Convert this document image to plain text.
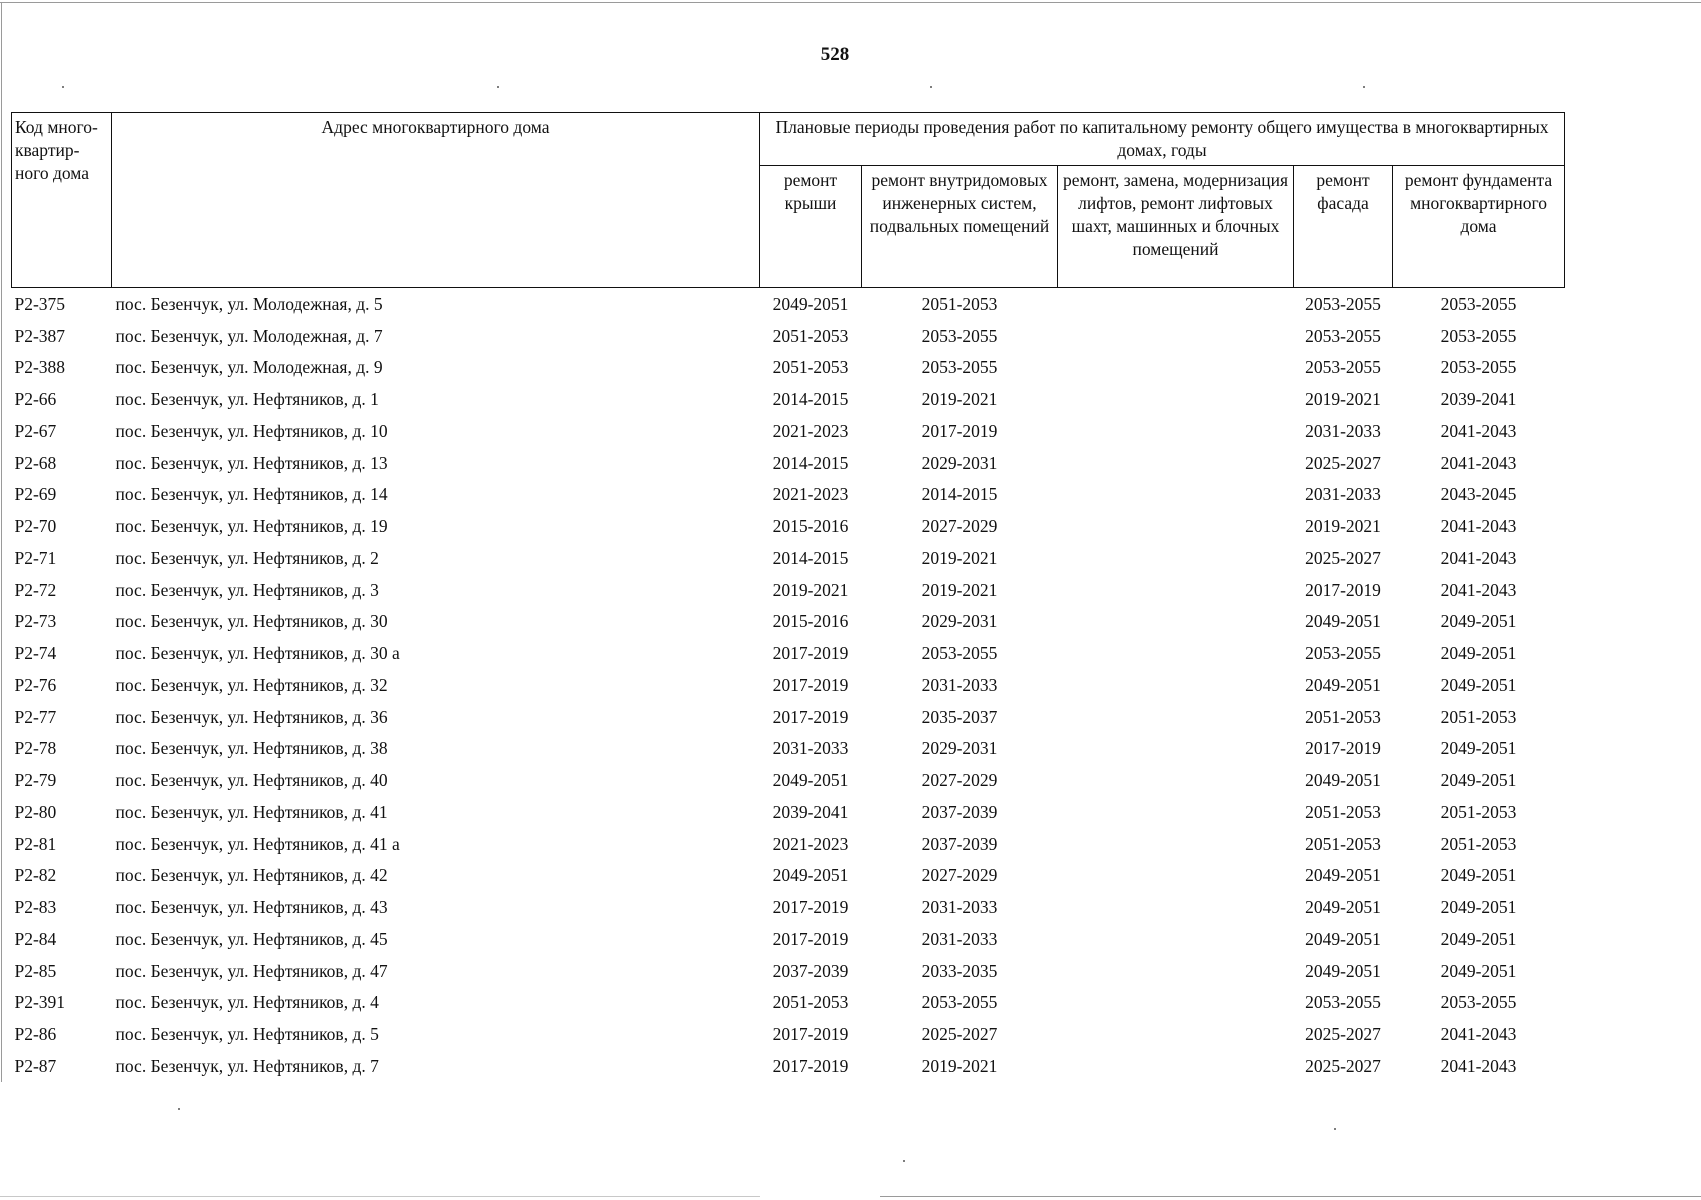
528
Код много-квартир-ного дома	Адрес многоквартирного дома	Плановые периоды проведения работ по капитальному ремонту общего имущества в многоквартирных домах, годы				
		ремонт крыши	ремонт внутридомовых инженерных систем, подвальных помещений	ремонт, замена, модернизация лифтов, ремонт лифтовых шахт, машинных и блочных помещений	ремонт фасада	ремонт фундамента многоквартирного дома
Р2-375	пос. Безенчук, ул. Молодежная, д. 5	2049-2051	2051-2053		2053-2055	2053-2055
Р2-387	пос. Безенчук, ул. Молодежная, д. 7	2051-2053	2053-2055		2053-2055	2053-2055
Р2-388	пос. Безенчук, ул. Молодежная, д. 9	2051-2053	2053-2055		2053-2055	2053-2055
Р2-66	пос. Безенчук, ул. Нефтяников, д. 1	2014-2015	2019-2021		2019-2021	2039-2041
Р2-67	пос. Безенчук, ул. Нефтяников, д. 10	2021-2023	2017-2019		2031-2033	2041-2043
Р2-68	пос. Безенчук, ул. Нефтяников, д. 13	2014-2015	2029-2031		2025-2027	2041-2043
Р2-69	пос. Безенчук, ул. Нефтяников, д. 14	2021-2023	2014-2015		2031-2033	2043-2045
Р2-70	пос. Безенчук, ул. Нефтяников, д. 19	2015-2016	2027-2029		2019-2021	2041-2043
Р2-71	пос. Безенчук, ул. Нефтяников, д. 2	2014-2015	2019-2021		2025-2027	2041-2043
Р2-72	пос. Безенчук, ул. Нефтяников, д. 3	2019-2021	2019-2021		2017-2019	2041-2043
Р2-73	пос. Безенчук, ул. Нефтяников, д. 30	2015-2016	2029-2031		2049-2051	2049-2051
Р2-74	пос. Безенчук, ул. Нефтяников, д. 30 а	2017-2019	2053-2055		2053-2055	2049-2051
Р2-76	пос. Безенчук, ул. Нефтяников, д. 32	2017-2019	2031-2033		2049-2051	2049-2051
Р2-77	пос. Безенчук, ул. Нефтяников, д. 36	2017-2019	2035-2037		2051-2053	2051-2053
Р2-78	пос. Безенчук, ул. Нефтяников, д. 38	2031-2033	2029-2031		2017-2019	2049-2051
Р2-79	пос. Безенчук, ул. Нефтяников, д. 40	2049-2051	2027-2029		2049-2051	2049-2051
Р2-80	пос. Безенчук, ул. Нефтяников, д. 41	2039-2041	2037-2039		2051-2053	2051-2053
Р2-81	пос. Безенчук, ул. Нефтяников, д. 41 а	2021-2023	2037-2039		2051-2053	2051-2053
Р2-82	пос. Безенчук, ул. Нефтяников, д. 42	2049-2051	2027-2029		2049-2051	2049-2051
Р2-83	пос. Безенчук, ул. Нефтяников, д. 43	2017-2019	2031-2033		2049-2051	2049-2051
Р2-84	пос. Безенчук, ул. Нефтяников, д. 45	2017-2019	2031-2033		2049-2051	2049-2051
Р2-85	пос. Безенчук, ул. Нефтяников, д. 47	2037-2039	2033-2035		2049-2051	2049-2051
Р2-391	пос. Безенчук, ул. Нефтяников, д. 4	2051-2053	2053-2055		2053-2055	2053-2055
Р2-86	пос. Безенчук, ул. Нефтяников, д. 5	2017-2019	2025-2027		2025-2027	2041-2043
Р2-87	пос. Безенчук, ул. Нефтяников, д. 7	2017-2019	2019-2021		2025-2027	2041-2043
